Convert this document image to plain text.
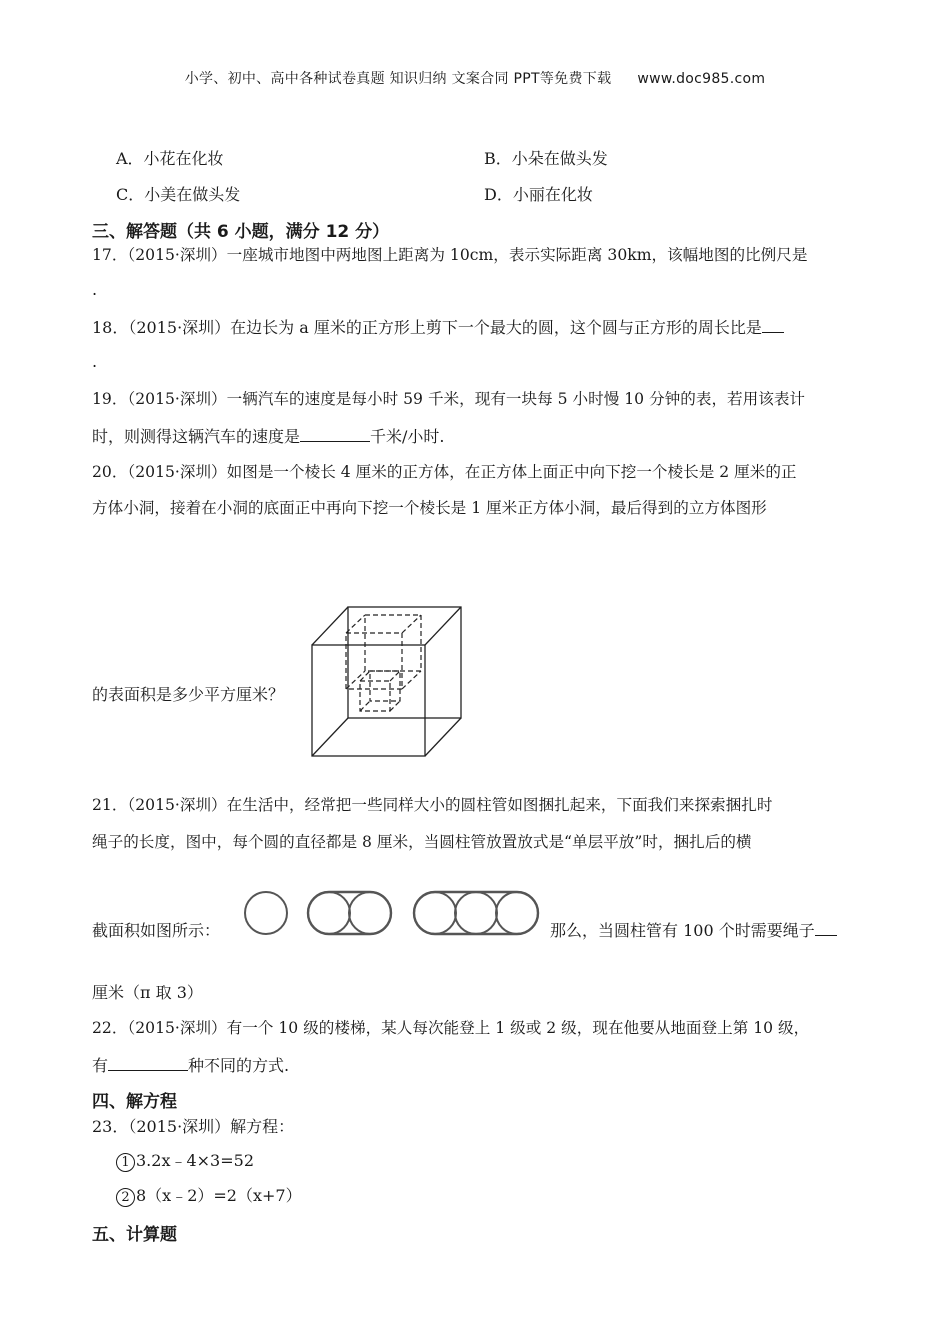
小学、初中、高中各种试卷真题 知识归纳 文案合同 PPT等免费下载 www.doc985.com
A．小花在化妆	B．小朵在做头发
C．小美在做头发	D．小丽在化妆
三、解答题（共 6 小题，满分 12 分）
17．（2015·深圳）一座城市地图中两地图上距离为 10cm，表示实际距离 30km，该幅地图的比例尺是
.
18．（2015·深圳）在边长为 a 厘米的正方形上剪下一个最大的圆，这个圆与正方形的周长比是
.
19．（2015·深圳）一辆汽车的速度是每小时 59 千米，现有一块每 5 小时慢 10 分钟的表，若用该表计
时，则测得这辆汽车的速度是	千米/小时.
20．（2015·深圳）如图是一个棱长 4 厘米的正方体，在正方体上面正中向下挖一个棱长是 2 厘米的正
方体小洞，接着在小洞的底面正中再向下挖一个棱长是 1 厘米正方体小洞，最后得到的立方体图形
的表面积是多少平方厘米？
21．（2015·深圳）在生活中，经常把一些同样大小的圆柱管如图捆扎起来，下面我们来探索捆扎时
绳子的长度，图中，每个圆的直径都是 8 厘米，当圆柱管放置放式是“单层平放”时，捆扎后的横
截面积如图所示：	那么，当圆柱管有 100 个时需要绳子
厘米（π 取 3）
22．（2015·深圳）有一个 10 级的楼梯，某人每次能登上 1 级或 2 级，现在他要从地面登上第 10 级，
有	种不同的方式.
四、解方程
23．（2015·深圳）解方程：
1 3.2x﹣4×3=52
2 8（x﹣2）=2（x+7）
五、计算题
